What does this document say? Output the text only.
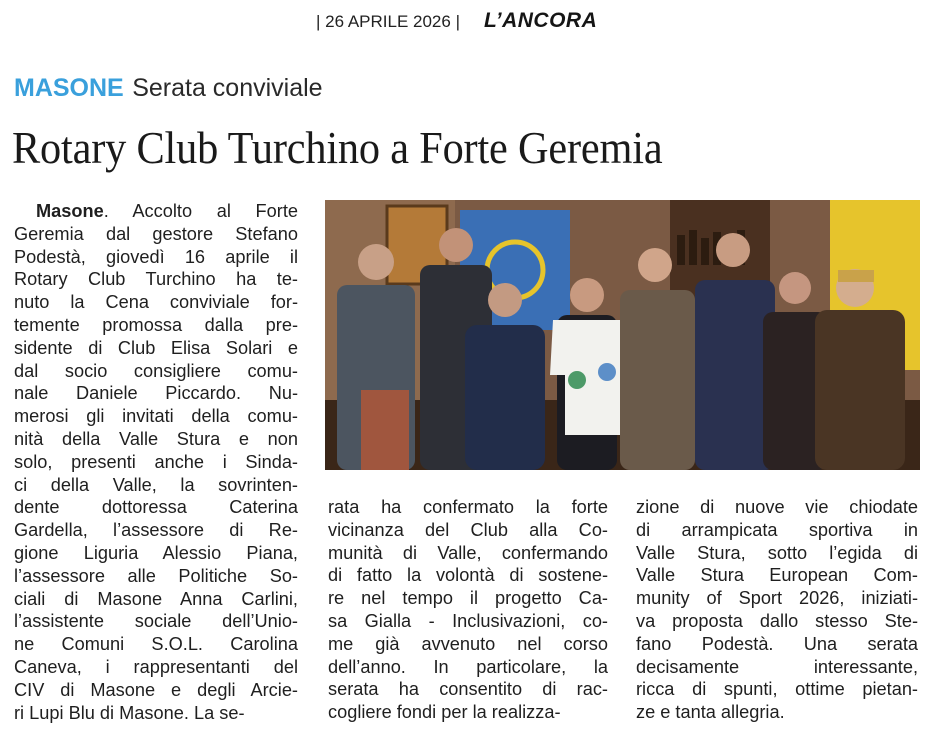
| 26 APRILE 2026 | L’ANCORA
MASONE Serata conviviale
Rotary Club Turchino a Forte Geremia
Masone. Accolto al Forte
Geremia dal gestore Stefano
Podestà, giovedì 16 aprile il
Rotary Club Turchino ha te-
nuto la Cena conviviale for-
temente promossa dalla pre-
sidente di Club Elisa Solari e
dal socio consigliere comu-
nale Daniele Piccardo. Nu-
merosi gli invitati della comu-
nità della Valle Stura e non
solo, presenti anche i Sinda-
ci della Valle, la sovrinten-
dente dottoressa Caterina
Gardella, l’assessore di Re-
gione Liguria Alessio Piana,
l’assessore alle Politiche So-
ciali di Masone Anna Carlini,
l’assistente sociale dell’Unio-
ne Comuni S.O.L. Carolina
Caneva, i rappresentanti del
CIV di Masone e degli Arcie-
ri Lupi Blu di Masone. La se-
rata ha confermato la forte
vicinanza del Club alla Co-
munità di Valle, confermando
di fatto la volontà di sostene-
re nel tempo il progetto Ca-
sa Gialla - Inclusivazioni, co-
me già avvenuto nel corso
dell’anno. In particolare, la
serata ha consentito di rac-
cogliere fondi per la realizza-
zione di nuove vie chiodate
di arrampicata sportiva in
Valle Stura, sotto l’egida di
Valle Stura European Com-
munity of Sport 2026, iniziati-
va proposta dallo stesso Ste-
fano Podestà. Una serata
decisamente interessante,
ricca di spunti, ottime pietan-
ze e tanta allegria.
